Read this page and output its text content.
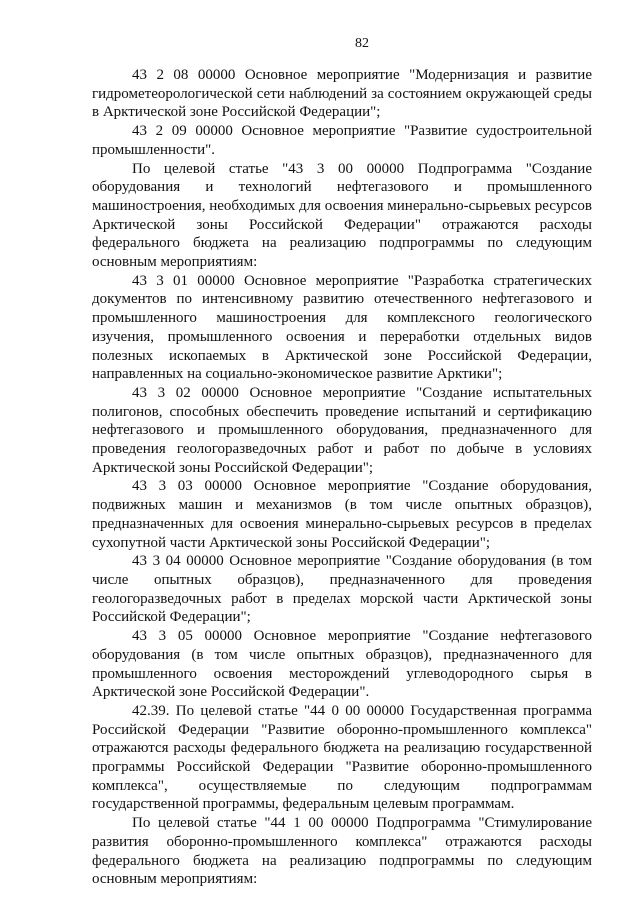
82

43 2 08 00000 Основное мероприятие "Модернизация и развитие гидрометеорологической сети наблюдений за состоянием окружающей среды в Арктической зоне Российской Федерации";

43 2 09 00000 Основное мероприятие "Развитие судостроительной промышленности".

По целевой статье "43 3 00 00000 Подпрограмма "Создание оборудования и технологий нефтегазового и промышленного машиностроения, необходимых для освоения минерально-сырьевых ресурсов Арктической зоны Российской Федерации" отражаются расходы федерального бюджета на реализацию подпрограммы по следующим основным мероприятиям:

43 3 01 00000 Основное мероприятие "Разработка стратегических документов по интенсивному развитию отечественного нефтегазового и промышленного машиностроения для комплексного геологического изучения, промышленного освоения и переработки отдельных видов полезных ископаемых в Арктической зоне Российской Федерации, направленных на социально-экономическое развитие Арктики";

43 3 02 00000 Основное мероприятие "Создание испытательных полигонов, способных обеспечить проведение испытаний и сертификацию нефтегазового и промышленного оборудования, предназначенного для проведения геологоразведочных работ и работ по добыче в условиях Арктической зоны Российской Федерации";

43 3 03 00000 Основное мероприятие "Создание оборудования, подвижных машин и механизмов (в том числе опытных образцов), предназначенных для освоения минерально-сырьевых ресурсов в пределах сухопутной части Арктической зоны Российской Федерации";

43 3 04 00000 Основное мероприятие "Создание оборудования (в том числе опытных образцов), предназначенного для проведения геологоразведочных работ в пределах морской части Арктической зоны Российской Федерации";

43 3 05 00000 Основное мероприятие "Создание нефтегазового оборудования (в том числе опытных образцов), предназначенного для промышленного освоения месторождений углеводородного сырья в Арктической зоне Российской Федерации".

42.39. По целевой статье "44 0 00 00000 Государственная программа Российской Федерации "Развитие оборонно-промышленного комплекса" отражаются расходы федерального бюджета на реализацию государственной программы Российской Федерации "Развитие оборонно-промышленного комплекса", осуществляемые по следующим подпрограммам государственной программы, федеральным целевым программам.

По целевой статье "44 1 00 00000 Подпрограмма "Стимулирование развития оборонно-промышленного комплекса" отражаются расходы федерального бюджета на реализацию подпрограммы по следующим основным мероприятиям:
